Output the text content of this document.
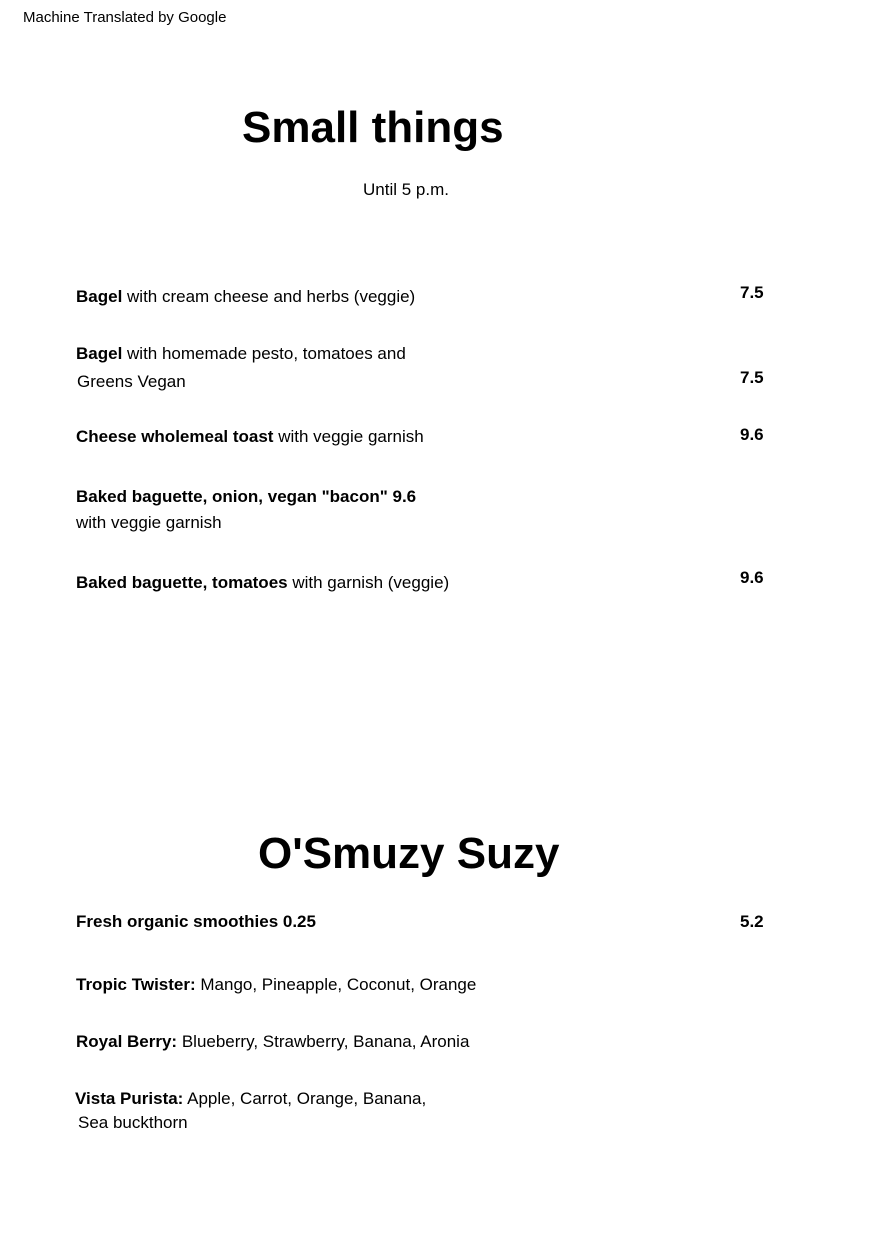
Machine Translated by Google
Small things
Until 5 p.m.
Bagel with cream cheese and herbs (veggie)	7.5
Bagel with homemade pesto, tomatoes and
Greens Vegan	7.5
Cheese wholemeal toast with veggie garnish	9.6
Baked baguette, onion, vegan "bacon" 9.6
with veggie garnish
Baked baguette, tomatoes with garnish (veggie)	9.6
O'Smuzy Suzy
Fresh organic smoothies 0.25	5.2
Tropic Twister: Mango, Pineapple, Coconut, Orange
Royal Berry: Blueberry, Strawberry, Banana, Aronia
Vista Purista: Apple, Carrot, Orange, Banana,
Sea buckthorn
